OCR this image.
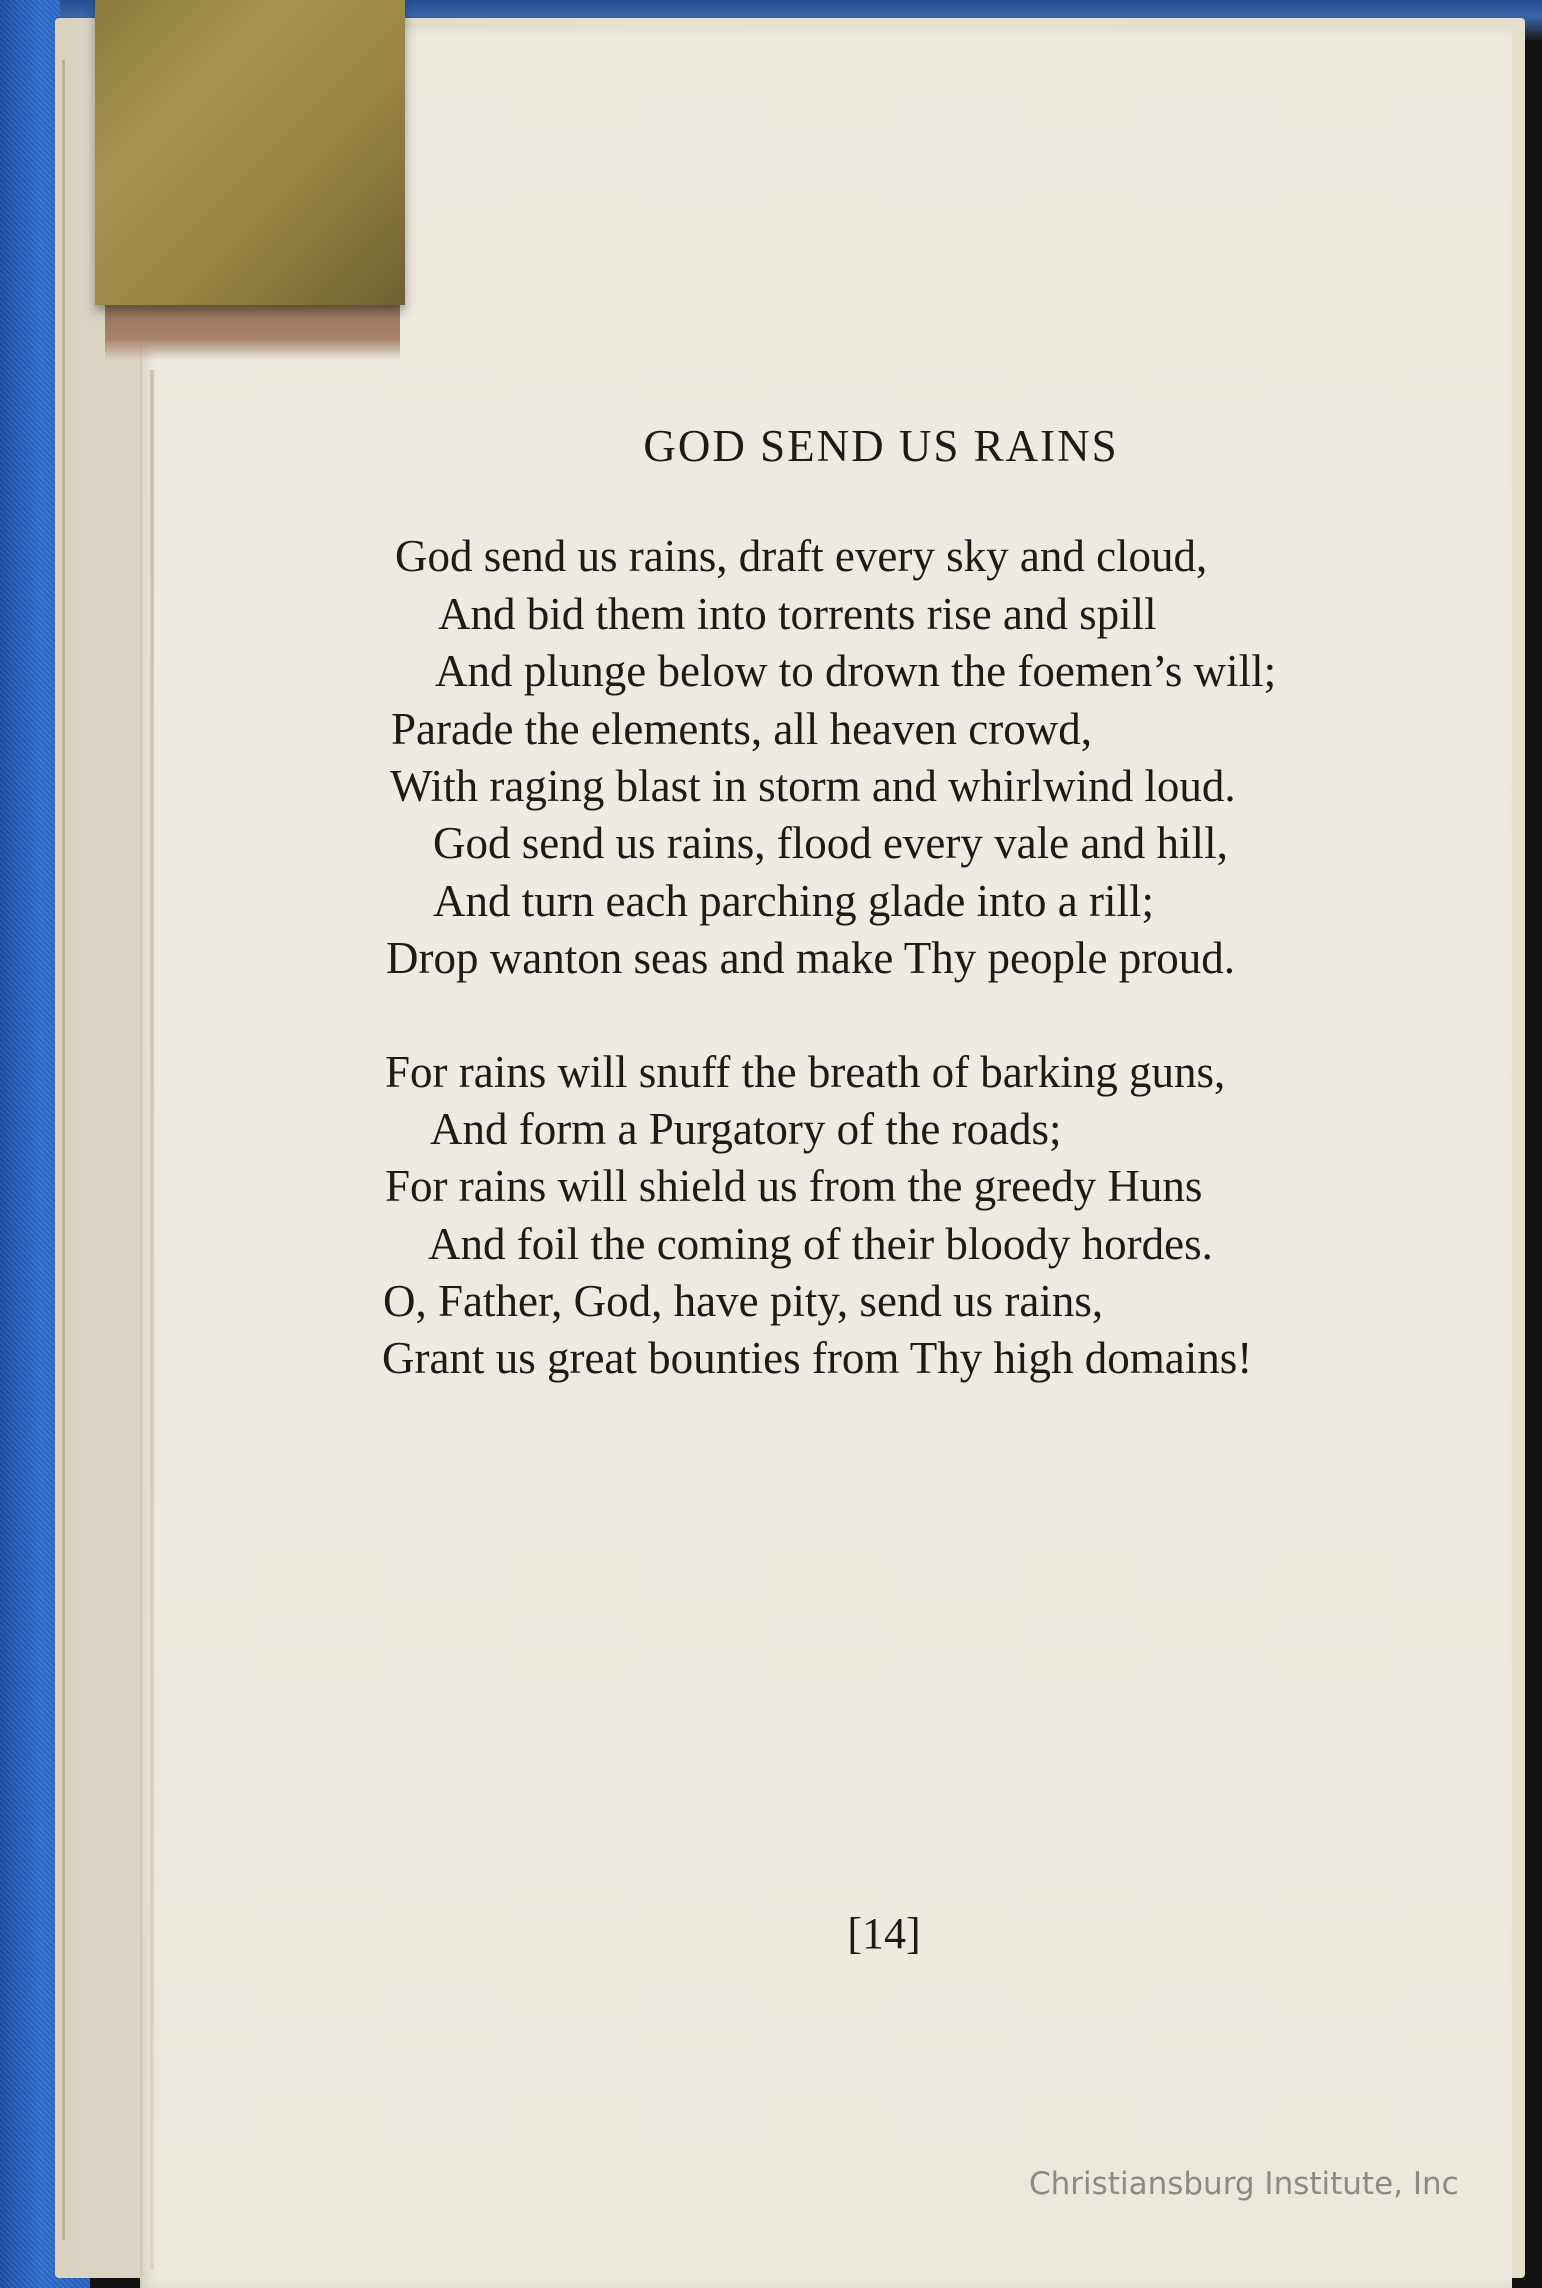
GOD SEND US RAINS
God send us rains, draft every sky and cloud,
And bid them into torrents rise and spill
And plunge below to drown the foemen’s will;
Parade the elements, all heaven crowd,
With raging blast in storm and whirlwind loud.
God send us rains, flood every vale and hill,
And turn each parching glade into a rill;
Drop wanton seas and make Thy people proud.
For rains will snuff the breath of barking guns,
And form a Purgatory of the roads;
For rains will shield us from the greedy Huns
And foil the coming of their bloody hordes.
O, Father, God, have pity, send us rains,
Grant us great bounties from Thy high domains!
[14]
Christiansburg Institute, Inc
